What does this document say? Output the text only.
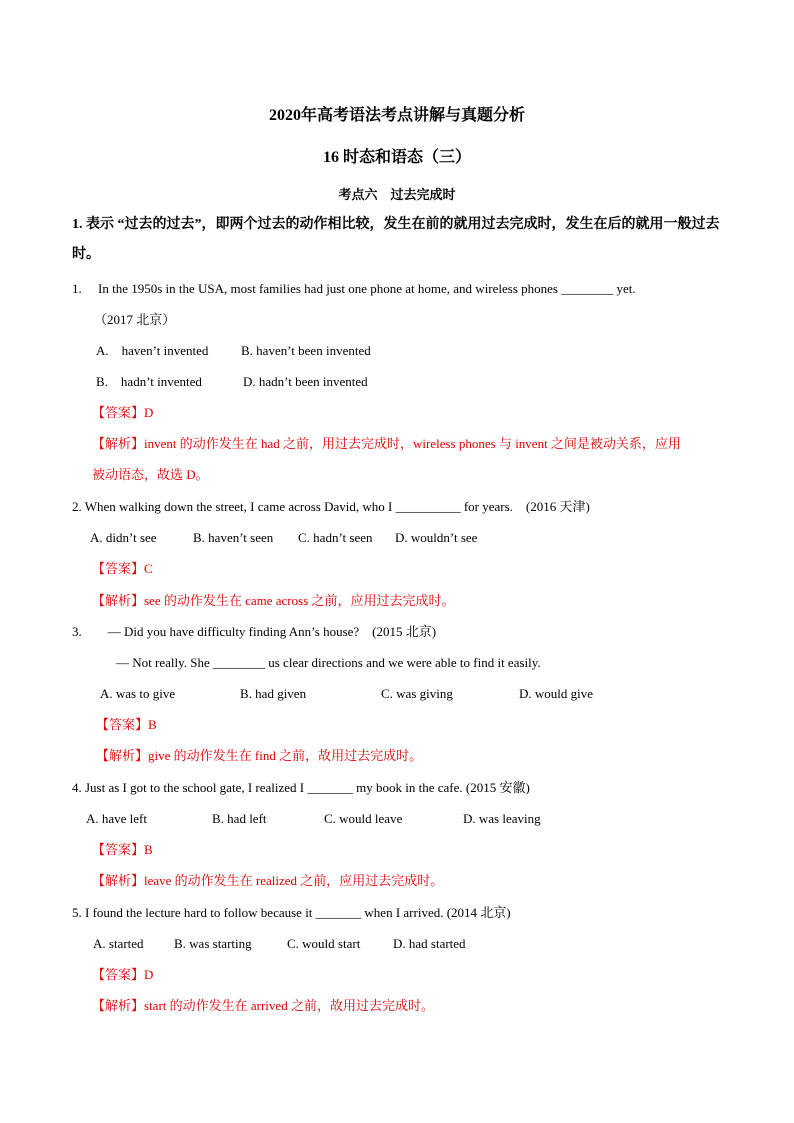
2020年高考语法考点讲解与真题分析
16 时态和语态（三）
考点六　过去完成时
1. 表示 “过去的过去”，即两个过去的动作相比较，发生在前的就用过去完成时，发生在后的就用一般过去
时。
1.　 In the 1950s in the USA, most families had just one phone at home, and wireless phones ________ yet.
（2017 北京）
A.　haven’t invented	B. haven’t been invented
B.　hadn’t invented	D. hadn’t been invented
【答案】D
【解析】invent 的动作发生在 had 之前，用过去完成时，wireless phones 与 invent 之间是被动关系，应用
被动语态，故选 D。
2. When walking down the street, I came across David, who I __________ for years.　(2016 天津)
A. didn’t see	B. haven’t seen C. hadn’t seen D. wouldn’t see
【答案】C
【解析】see 的动作发生在 came across 之前，应用过去完成时。
3.　　— Did you have difficulty finding Ann’s house?　(2015 北京)
— Not really. She ________ us clear directions and we were able to find it easily.
A. was to give	B. had given	C. was giving	D. would give
【答案】B
【解析】give 的动作发生在 find 之前，故用过去完成时。
4. Just as I got to the school gate, I realized I _______ my book in the cafe. (2015 安徽)
A. have left	B. had left	C. would leave	D. was leaving
【答案】B
【解析】leave 的动作发生在 realized 之前，应用过去完成时。
5. I found the lecture hard to follow because it _______ when I arrived. (2014 北京)
A. started B. was starting	C. would start	D. had started
【答案】D
【解析】start 的动作发生在 arrived 之前，故用过去完成时。
